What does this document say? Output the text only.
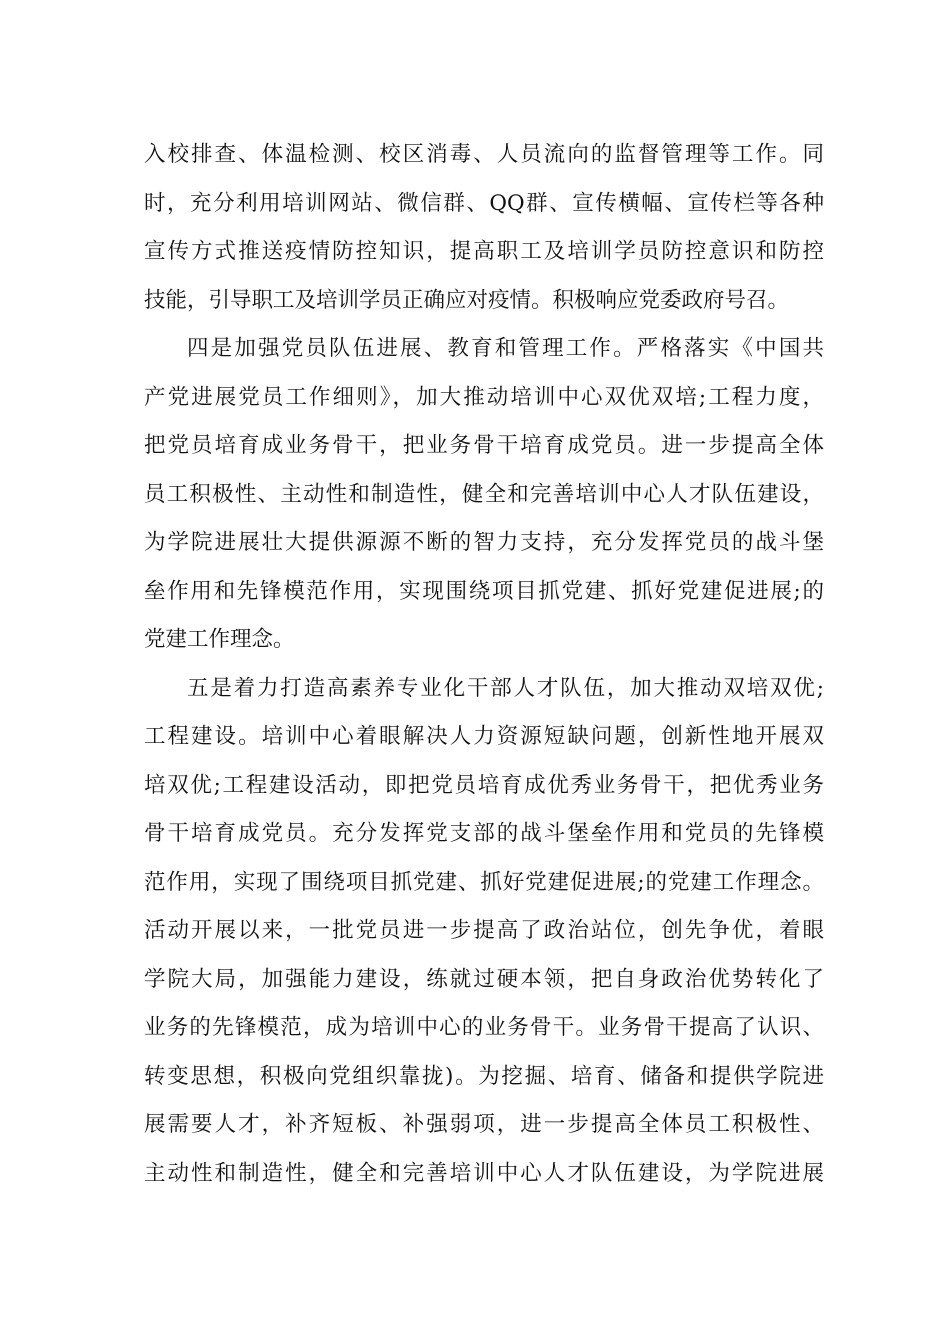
入校排查、体温检测、校区消毒、人员流向的监督管理等工作。同
时，充分利用培训网站、微信群、QQ群、宣传横幅、宣传栏等各种
宣传方式推送疫情防控知识，提高职工及培训学员防控意识和防控
技能，引导职工及培训学员正确应对疫情。积极响应党委政府号召。
四是加强党员队伍进展、教育和管理工作。严格落实《中国共
产党进展党员工作细则》，加大推动培训中心双优双培;工程力度，
把党员培育成业务骨干，把业务骨干培育成党员。进一步提高全体
员工积极性、主动性和制造性，健全和完善培训中心人才队伍建设，
为学院进展壮大提供源源不断的智力支持，充分发挥党员的战斗堡
垒作用和先锋模范作用，实现围绕项目抓党建、抓好党建促进展;的
党建工作理念。
五是着力打造高素养专业化干部人才队伍，加大推动双培双优;
工程建设。培训中心着眼解决人力资源短缺问题，创新性地开展双
培双优;工程建设活动，即把党员培育成优秀业务骨干，把优秀业务
骨干培育成党员。充分发挥党支部的战斗堡垒作用和党员的先锋模
范作用，实现了围绕项目抓党建、抓好党建促进展;的党建工作理念。
活动开展以来，一批党员进一步提高了政治站位，创先争优，着眼
学院大局，加强能力建设，练就过硬本领，把自身政治优势转化了
业务的先锋模范，成为培训中心的业务骨干。业务骨干提高了认识、
转变思想，积极向党组织靠拢)。为挖掘、培育、储备和提供学院进
展需要人才，补齐短板、补强弱项，进一步提高全体员工积极性、
主动性和制造性，健全和完善培训中心人才队伍建设，为学院进展
